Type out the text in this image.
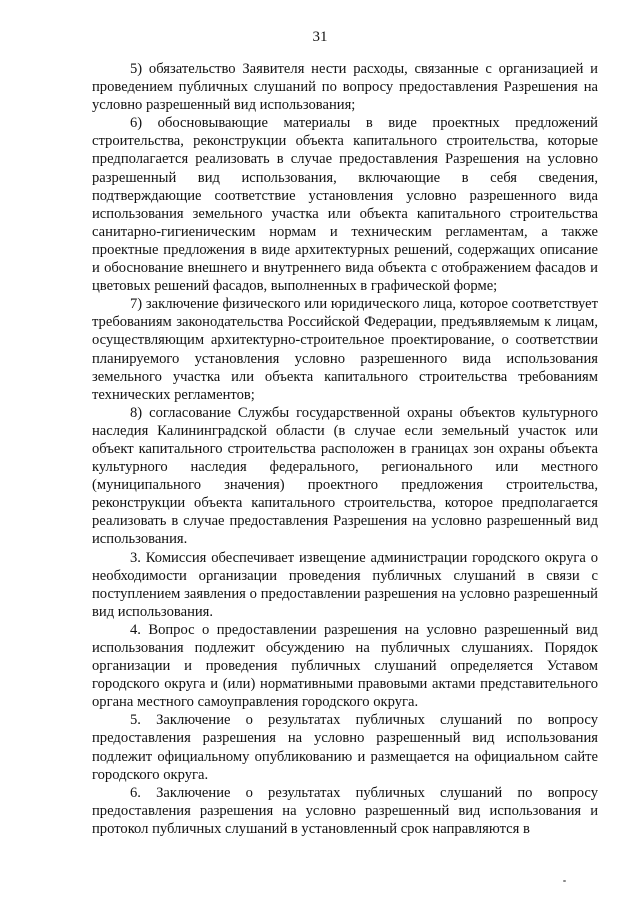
31

5) обязательство Заявителя нести расходы, связанные с организацией и проведением публичных слушаний по вопросу предоставления Разрешения на условно разрешенный вид использования;

6) обосновывающие материалы в виде проектных предложений строительства, реконструкции объекта капитального строительства, которые предполагается реализовать в случае предоставления Разрешения на условно разрешенный вид использования, включающие в себя сведения, подтверждающие соответствие установления условно разрешенного вида использования земельного участка или объекта капитального строительства санитарно-гигиеническим нормам и техническим регламентам, а также проектные предложения в виде архитектурных решений, содержащих описание и обоснование внешнего и внутреннего вида объекта с отображением фасадов и цветовых решений фасадов, выполненных в графической форме;

7) заключение физического или юридического лица, которое соответствует требованиям законодательства Российской Федерации, предъявляемым к лицам, осуществляющим архитектурно-строительное проектирование, о соответствии планируемого установления условно разрешенного вида использования земельного участка или объекта капитального строительства требованиям технических регламентов;

8) согласование Службы государственной охраны объектов культурного наследия Калининградской области (в случае если земельный участок или объект капитального строительства расположен в границах зон охраны объекта культурного наследия федерального, регионального или местного (муниципального значения) проектного предложения строительства, реконструкции объекта капитального строительства, которое предполагается реализовать в случае предоставления Разрешения на условно разрешенный вид использования.

3. Комиссия обеспечивает извещение администрации городского округа о необходимости организации проведения публичных слушаний в связи с поступлением заявления о предоставлении разрешения на условно разрешенный вид использования.

4. Вопрос о предоставлении разрешения на условно разрешенный вид использования подлежит обсуждению на публичных слушаниях. Порядок организации и проведения публичных слушаний определяется Уставом городского округа и (или) нормативными правовыми актами представительного органа местного самоуправления городского округа.

5. Заключение о результатах публичных слушаний по вопросу предоставления разрешения на условно разрешенный вид использования подлежит официальному опубликованию и размещается на официальном сайте городского округа.

6. Заключение о результатах публичных слушаний по вопросу предоставления разрешения на условно разрешенный вид использования и протокол публичных слушаний в установленный срок направляются в
